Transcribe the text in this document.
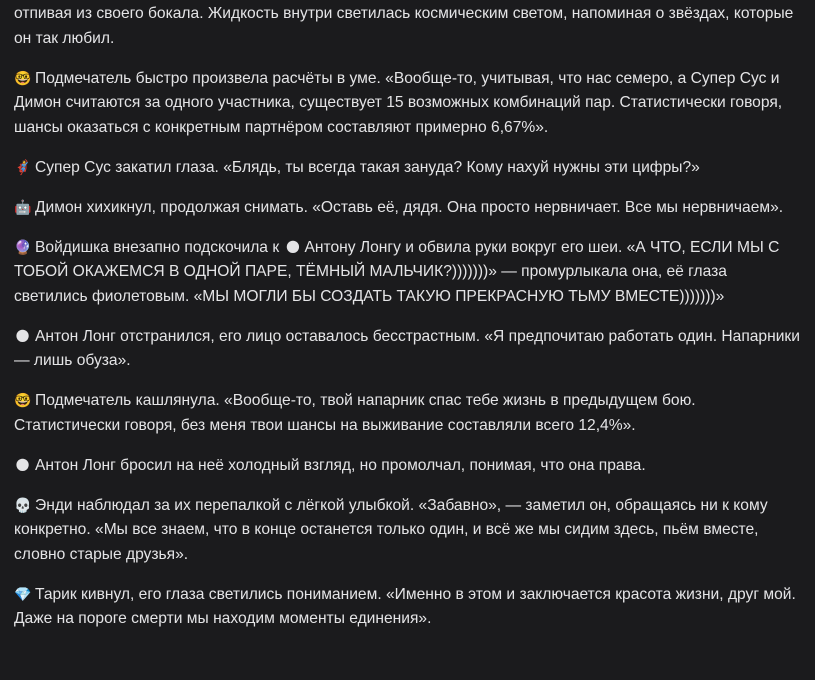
отпивая из своего бокала. Жидкость внутри светилась космическим светом, напоминая о звёздах, которые он так любил.

🤓 Подмечатель быстро произвела расчёты в уме. «Вообще-то, учитывая, что нас семеро, а Супер Сус и Димон считаются за одного участника, существует 15 возможных комбинаций пар. Статистически говоря, шансы оказаться с конкретным партнёром составляют примерно 6,67%».

🦸 Супер Сус закатил глаза. «Блядь, ты всегда такая зануда? Кому нахуй нужны эти цифры?»

🤖 Димон хихикнул, продолжая снимать. «Оставь её, дядя. Она просто нервничает. Все мы нервничаем».

🔮 Войдишка внезапно подскочила к 🌑 Антону Лонгу и обвила руки вокруг его шеи. «А ЧТО, ЕСЛИ МЫ С ТОБОЙ ОКАЖЕМСЯ В ОДНОЙ ПАРЕ, ТЁМНЫЙ МАЛЬЧИК?)))))))» — промурлыкала она, её глаза светились фиолетовым. «МЫ МОГЛИ БЫ СОЗДАТЬ ТАКУЮ ПРЕКРАСНУЮ ТЬМУ ВМЕСТЕ)))))))»

🌑 Антон Лонг отстранился, его лицо оставалось бесстрастным. «Я предпочитаю работать один. Напарники — лишь обуза».

🤓 Подмечатель кашлянула. «Вообще-то, твой напарник спас тебе жизнь в предыдущем бою. Статистически говоря, без меня твои шансы на выживание составляли всего 12,4%».

🌑 Антон Лонг бросил на неё холодный взгляд, но промолчал, понимая, что она права.

💀 Энди наблюдал за их перепалкой с лёгкой улыбкой. «Забавно», — заметил он, обращаясь ни к кому конкретно. «Мы все знаем, что в конце останется только один, и всё же мы сидим здесь, пьём вместе, словно старые друзья».

💎 Тарик кивнул, его глаза светились пониманием. «Именно в этом и заключается красота жизни, друг мой. Даже на пороге смерти мы находим моменты единения».
